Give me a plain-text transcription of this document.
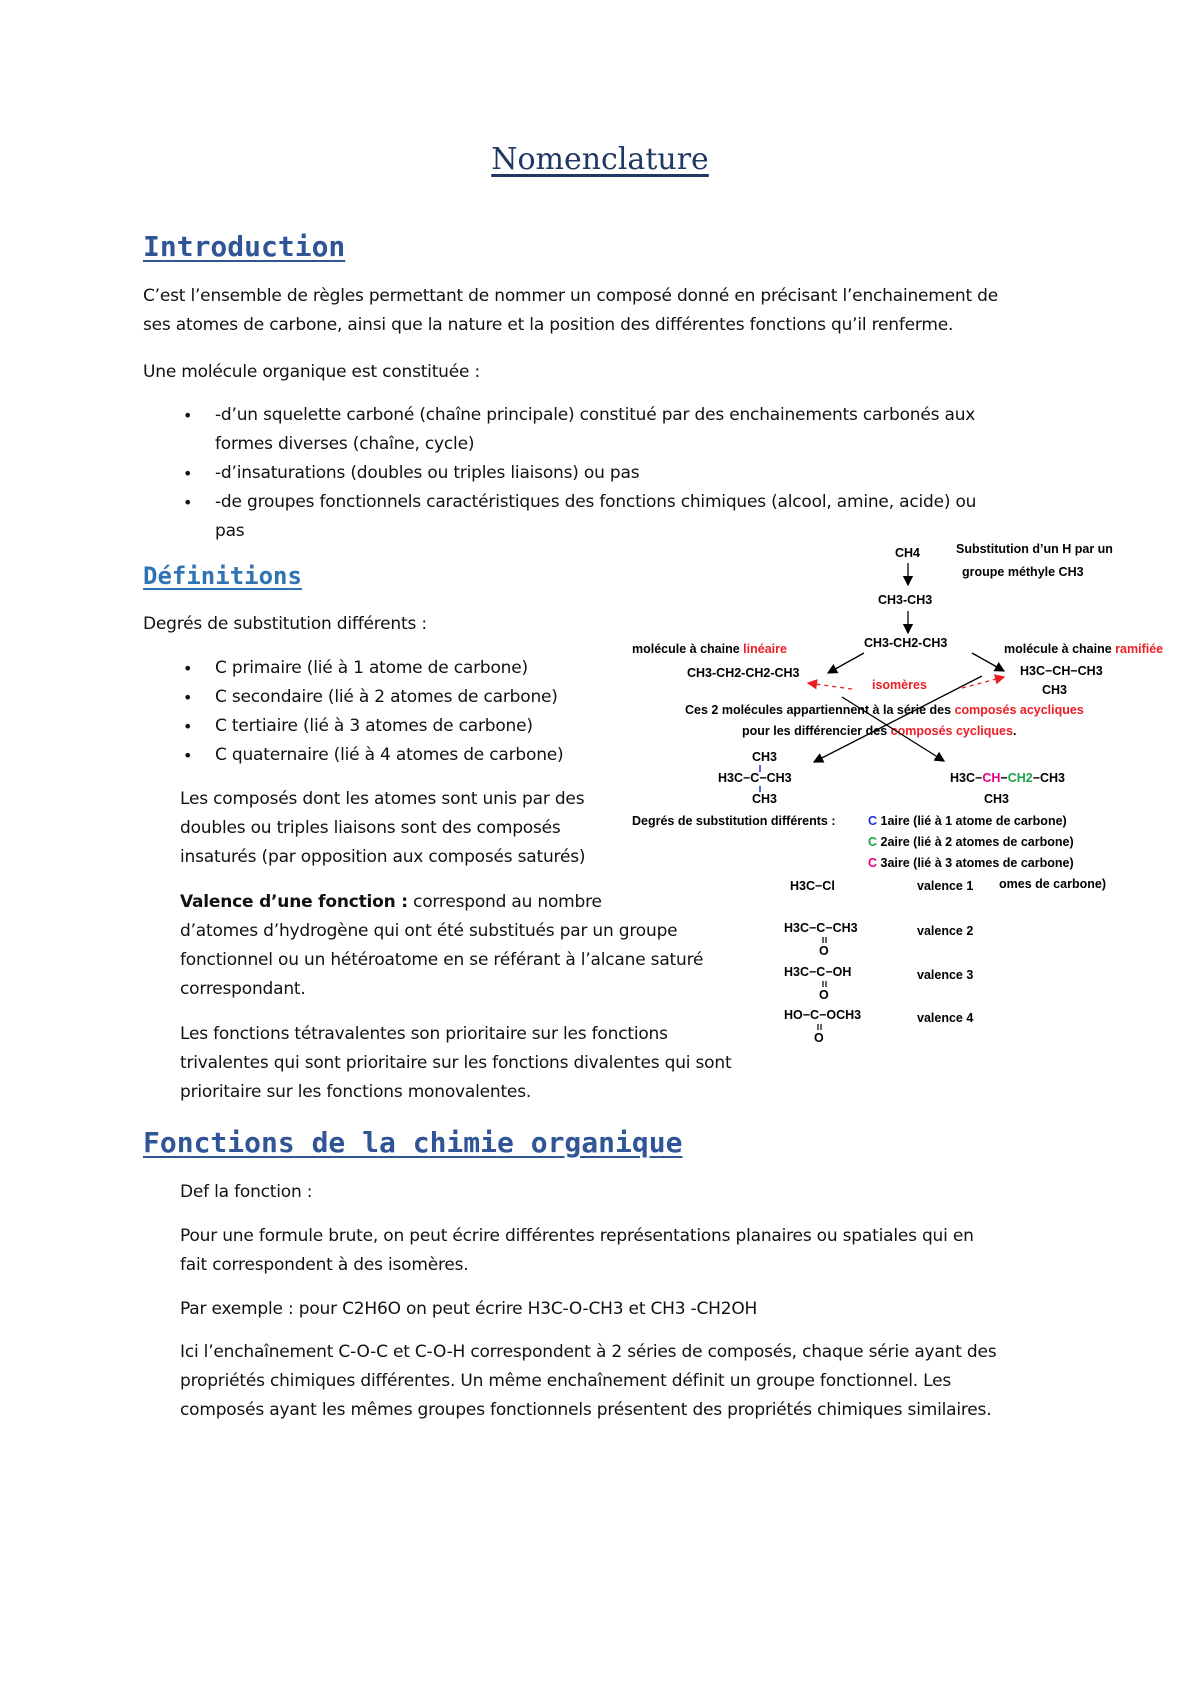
Nomenclature
Introduction

C’est l’ensemble de règles permettant de nommer un composé donné en précisant l’enchainement de
ses atomes de carbone, ainsi que la nature et la position des différentes fonctions qu’il renferme.

Une molécule organique est constituée :

• -d’un squelette carboné (chaîne principale) constitué par des enchainements carbonés aux
formes diverses (chaîne, cycle)
• -d’insaturations (doubles ou triples liaisons) ou pas
• -de groupes fonctionnels caractéristiques des fonctions chimiques (alcool, amine, acide) ou
pas
Définitions

Degrés de substitution différents :

• C primaire (lié à 1 atome de carbone)
• C secondaire (lié à 2 atomes de carbone)
• C tertiaire (lié à 3 atomes de carbone)
• C quaternaire (lié à 4 atomes de carbone)

Les composés dont les atomes sont unis par des
doubles ou triples liaisons sont des composés
insaturés (par opposition aux composés saturés)

Valence d’une fonction : correspond au nombre
d’atomes d’hydrogène qui ont été substitués par un groupe
fonctionnel ou un hétéroatome en se référant à l’alcane saturé
correspondant.

Les fonctions tétravalentes son prioritaire sur les fonctions
trivalentes qui sont prioritaire sur les fonctions divalentes qui sont
prioritaire sur les fonctions monovalentes.

Fonctions de la chimie organique

Def la fonction :

Pour une formule brute, on peut écrire différentes représentations planaires ou spatiales qui en
fait correspondent à des isomères.

Par exemple : pour C2H6O on peut écrire H3C-O-CH3 et CH3 -CH2OH

Ici l’enchaînement C-O-C et C-O-H correspondent à 2 séries de composés, chaque série ayant des
propriétés chimiques différentes. Un même enchaînement définit un groupe fonctionnel. Les
composés ayant les mêmes groupes fonctionnels présentent des propriétés chimiques similaires.

CH4	Substitution d’un H par un
groupe méthyle CH3
CH3-CH3
CH3-CH2-CH3
molécule à chaine linéaire
CH3-CH2-CH2-CH3
molécule à chaine ramifiée
H3C−CH−CH3
CH3
isomères
Ces 2 molécules appartiennent à la série des composés acycliques
pour les différencier des composés cycliques.
CH3
H3C−C−CH3
CH3
H3C−CH−CH2−CH3
CH3
Degrés de substitution différents :	C 1aire (lié à 1 atome de carbone)
C 2aire (lié à 2 atomes de carbone)
C 3aire (lié à 3 atomes de carbone)
omes de carbone)
H3C−Cl	valence 1
H3C−C−CH3
O
valence 2
H3C−C−OH
O
valence 3
HO−C−OCH3
O
valence 4
